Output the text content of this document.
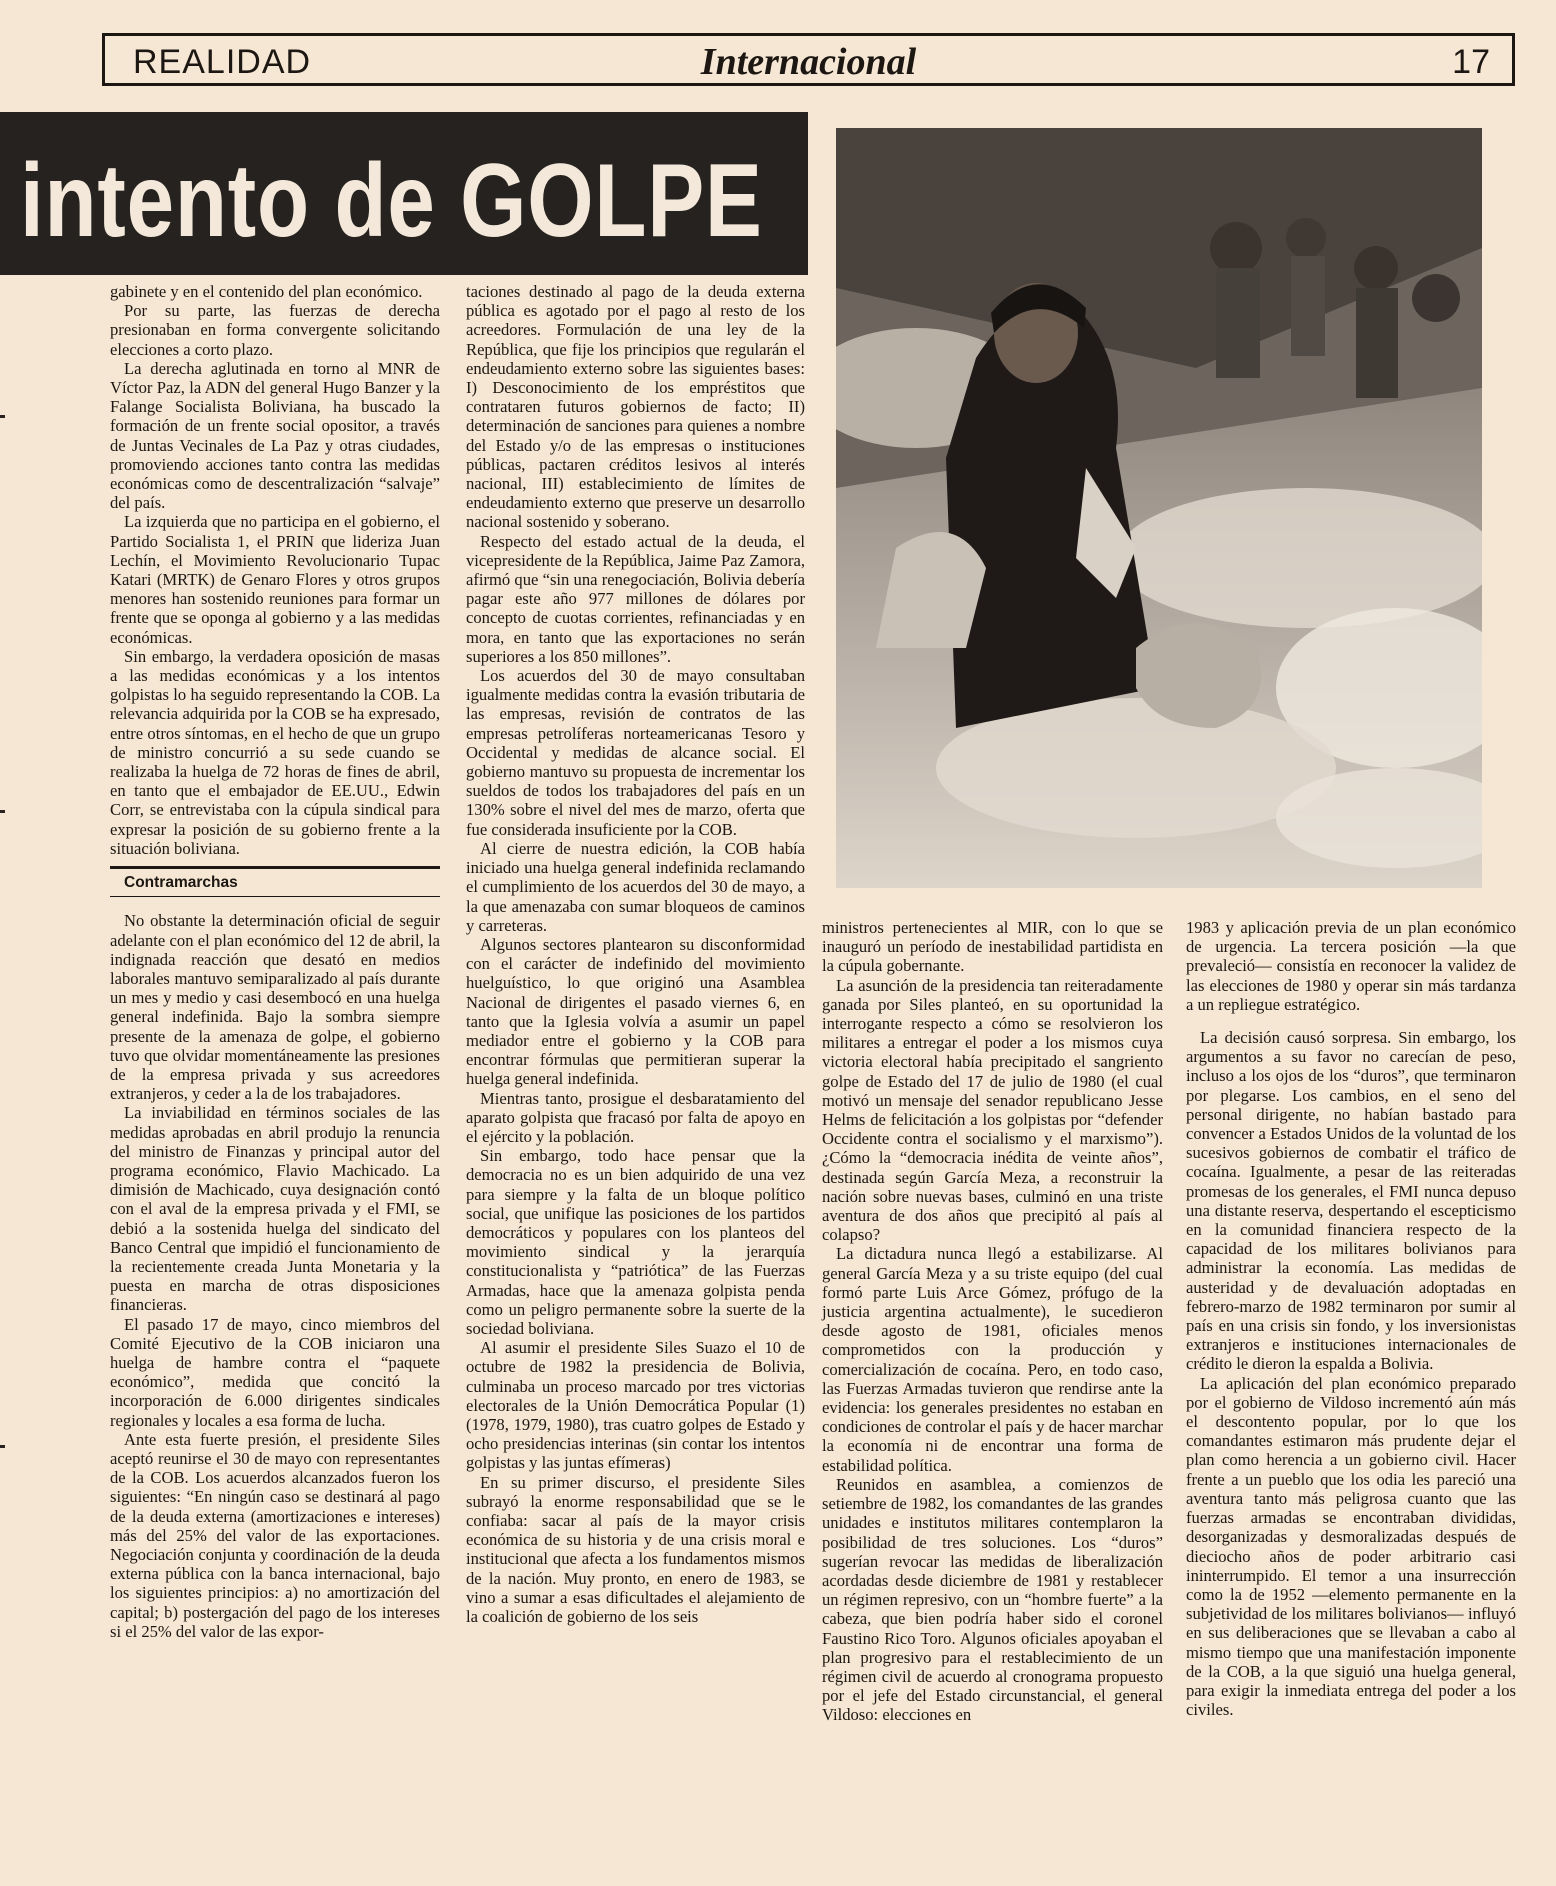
REALIDAD	Internacional	17
intento de GOLPE

gabinete y en el contenido del plan económico.

Por su parte, las fuerzas de derecha presionaban en forma convergente solicitando elecciones a corto plazo.

La derecha aglutinada en torno al MNR de Víctor Paz, la ADN del general Hugo Banzer y la Falange Socialista Boliviana, ha buscado la formación de un frente social opositor, a través de Juntas Vecinales de La Paz y otras ciudades, promoviendo acciones tanto contra las medidas económicas como de descentralización “salvaje” del país.

La izquierda que no participa en el gobierno, el Partido Socialista 1, el PRIN que lideriza Juan Lechín, el Movimiento Revolucionario Tupac Katari (MRTK) de Genaro Flores y otros grupos menores han sostenido reuniones para formar un frente que se oponga al gobierno y a las medidas económicas.

Sin embargo, la verdadera oposición de masas a las medidas económicas y a los intentos golpistas lo ha seguido representando la COB. La relevancia adquirida por la COB se ha expresado, entre otros síntomas, en el hecho de que un grupo de ministro concurrió a su sede cuando se realizaba la huelga de 72 horas de fines de abril, en tanto que el embajador de EE.UU., Edwin Corr, se entrevistaba con la cúpula sindical para expresar la posición de su gobierno frente a la situación boliviana.

Contramarchas

No obstante la determinación oficial de seguir adelante con el plan económico del 12 de abril, la indignada reacción que desató en medios laborales mantuvo semiparalizado al país durante un mes y medio y casi desembocó en una huelga general indefinida. Bajo la sombra siempre presente de la amenaza de golpe, el gobierno tuvo que olvidar momentáneamente las presiones de la empresa privada y sus acreedores extranjeros, y ceder a la de los trabajadores.

La inviabilidad en términos sociales de las medidas aprobadas en abril produjo la renuncia del ministro de Finanzas y principal autor del programa económico, Flavio Machicado. La dimisión de Machicado, cuya designación contó con el aval de la empresa privada y el FMI, se debió a la sostenida huelga del sindicato del Banco Central que impidió el funcionamiento de la recientemente creada Junta Monetaria y la puesta en marcha de otras disposiciones financieras.

El pasado 17 de mayo, cinco miembros del Comité Ejecutivo de la COB iniciaron una huelga de hambre contra el “paquete económico”, medida que concitó la incorporación de 6.000 dirigentes sindicales regionales y locales a esa forma de lucha.

Ante esta fuerte presión, el presidente Siles aceptó reunirse el 30 de mayo con representantes de la COB. Los acuerdos alcanzados fueron los siguientes: “En ningún caso se destinará al pago de la deuda externa (amortizaciones e intereses) más del 25% del valor de las exportaciones. Negociación conjunta y coordinación de la deuda externa pública con la banca internacional, bajo los siguientes principios: a) no amortización del capital; b) postergación del pago de los intereses si el 25% del valor de las expor-

taciones destinado al pago de la deuda externa pública es agotado por el pago al resto de los acreedores. Formulación de una ley de la República, que fije los principios que regularán el endeudamiento externo sobre las siguientes bases: I) Desconocimiento de los empréstitos que contrataren futuros gobiernos de facto; II) determinación de sanciones para quienes a nombre del Estado y/o de las empresas o instituciones públicas, pactaren créditos lesivos al interés nacional, III) establecimiento de límites de endeudamiento externo que preserve un desarrollo nacional sostenido y soberano.

Respecto del estado actual de la deuda, el vicepresidente de la República, Jaime Paz Zamora, afirmó que “sin una renegociación, Bolivia debería pagar este año 977 millones de dólares por concepto de cuotas corrientes, refinanciadas y en mora, en tanto que las exportaciones no serán superiores a los 850 millones”.

Los acuerdos del 30 de mayo consultaban igualmente medidas contra la evasión tributaria de las empresas, revisión de contratos de las empresas petrolíferas norteamericanas Tesoro y Occidental y medidas de alcance social. El gobierno mantuvo su propuesta de incrementar los sueldos de todos los trabajadores del país en un 130% sobre el nivel del mes de marzo, oferta que fue considerada insuficiente por la COB.

Al cierre de nuestra edición, la COB había iniciado una huelga general indefinida reclamando el cumplimiento de los acuerdos del 30 de mayo, a la que amenazaba con sumar bloqueos de caminos y carreteras.

Algunos sectores plantearon su disconformidad con el carácter de indefinido del movimiento huelguístico, lo que originó una Asamblea Nacional de dirigentes el pasado viernes 6, en tanto que la Iglesia volvía a asumir un papel mediador entre el gobierno y la COB para encontrar fórmulas que permitieran superar la huelga general indefinida.

Mientras tanto, prosigue el desbaratamiento del aparato golpista que fracasó por falta de apoyo en el ejército y la población.

Sin embargo, todo hace pensar que la democracia no es un bien adquirido de una vez para siempre y la falta de un bloque político social, que unifique las posiciones de los partidos democráticos y populares con los planteos del movimiento sindical y la jerarquía constitucionalista y “patriótica” de las Fuerzas Armadas, hace que la amenaza golpista penda como un peligro permanente sobre la suerte de la sociedad boliviana.

Al asumir el presidente Siles Suazo el 10 de octubre de 1982 la presidencia de Bolivia, culminaba un proceso marcado por tres victorias electorales de la Unión Democrática Popular (1) (1978, 1979, 1980), tras cuatro golpes de Estado y ocho presidencias interinas (sin contar los intentos golpistas y las juntas efímeras)

En su primer discurso, el presidente Siles subrayó la enorme responsabilidad que se le confiaba: sacar al país de la mayor crisis económica de su historia y de una crisis moral e institucional que afecta a los fundamentos mismos de la nación. Muy pronto, en enero de 1983, se vino a sumar a esas dificultades el alejamiento de la coalición de gobierno de los seis

ministros pertenecientes al MIR, con lo que se inauguró un período de inestabilidad partidista en la cúpula gobernante.

La asunción de la presidencia tan reiteradamente ganada por Siles planteó, en su oportunidad la interrogante respecto a cómo se resolvieron los militares a entregar el poder a los mismos cuya victoria electoral había precipitado el sangriento golpe de Estado del 17 de julio de 1980 (el cual motivó un mensaje del senador republicano Jesse Helms de felicitación a los golpistas por “defender Occidente contra el socialismo y el marxismo”). ¿Cómo la “democracia inédita de veinte años”, destinada según García Meza, a reconstruir la nación sobre nuevas bases, culminó en una triste aventura de dos años que precipitó al país al colapso?

La dictadura nunca llegó a estabilizarse. Al general García Meza y a su triste equipo (del cual formó parte Luis Arce Gómez, prófugo de la justicia argentina actualmente), le sucedieron desde agosto de 1981, oficiales menos comprometidos con la producción y comercialización de cocaína. Pero, en todo caso, las Fuerzas Armadas tuvieron que rendirse ante la evidencia: los generales presidentes no estaban en condiciones de controlar el país y de hacer marchar la economía ni de encontrar una forma de estabilidad política.

Reunidos en asamblea, a comienzos de setiembre de 1982, los comandantes de las grandes unidades e institutos militares contemplaron la posibilidad de tres soluciones. Los “duros” sugerían revocar las medidas de liberalización acordadas desde diciembre de 1981 y restablecer un régimen represivo, con un “hombre fuerte” a la cabeza, que bien podría haber sido el coronel Faustino Rico Toro. Algunos oficiales apoyaban el plan progresivo para el restablecimiento de un régimen civil de acuerdo al cronograma propuesto por el jefe del Estado circunstancial, el general Vildoso: elecciones en

1983 y aplicación previa de un plan económico de urgencia. La tercera posición —la que prevaleció— consistía en reconocer la validez de las elecciones de 1980 y operar sin más tardanza a un repliegue estratégico.

La decisión causó sorpresa. Sin embargo, los argumentos a su favor no carecían de peso, incluso a los ojos de los “duros”, que terminaron por plegarse. Los cambios, en el seno del personal dirigente, no habían bastado para convencer a Estados Unidos de la voluntad de los sucesivos gobiernos de combatir el tráfico de cocaína. Igualmente, a pesar de las reiteradas promesas de los generales, el FMI nunca depuso una distante reserva, despertando el escepticismo en la comunidad financiera respecto de la capacidad de los militares bolivianos para administrar la economía. Las medidas de austeridad y de devaluación adoptadas en febrero-marzo de 1982 terminaron por sumir al país en una crisis sin fondo, y los inversionistas extranjeros e instituciones internacionales de crédito le dieron la espalda a Bolivia.

La aplicación del plan económico preparado por el gobierno de Vildoso incrementó aún más el descontento popular, por lo que los comandantes estimaron más prudente dejar el plan como herencia a un gobierno civil. Hacer frente a un pueblo que los odia les pareció una aventura tanto más peligrosa cuanto que las fuerzas armadas se encontraban divididas, desorganizadas y desmoralizadas después de dieciocho años de poder arbitrario casi ininterrumpido. El temor a una insurrección como la de 1952 —elemento permanente en la subjetividad de los militares bolivianos— influyó en sus deliberaciones que se llevaban a cabo al mismo tiempo que una manifestación imponente de la COB, a la que siguió una huelga general, para exigir la inmediata entrega del poder a los civiles.
